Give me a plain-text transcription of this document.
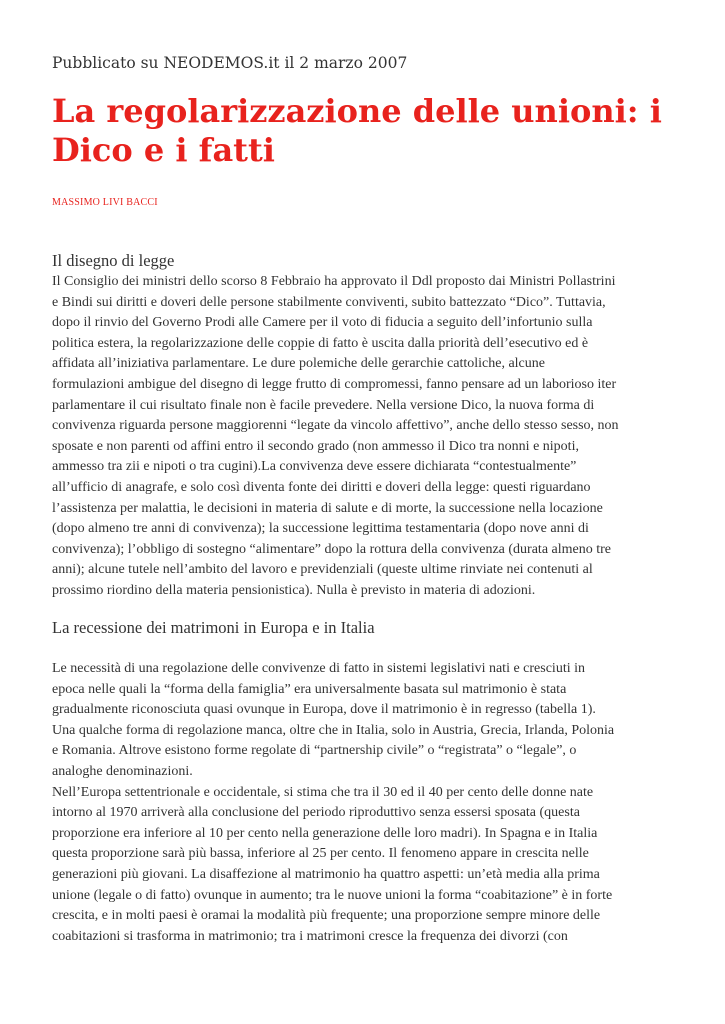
Pubblicato su NEODEMOS.it il 2 marzo 2007
La regolarizzazione delle unioni: i
Dico e i fatti
MASSIMO LIVI BACCI
Il disegno di legge
Il Consiglio dei ministri dello scorso 8 Febbraio ha approvato il Ddl proposto dai Ministri Pollastrini
e Bindi sui diritti e doveri delle persone stabilmente conviventi, subito battezzato “Dico”. Tuttavia,
dopo il rinvio del Governo Prodi alle Camere per il voto di fiducia a seguito dell’infortunio sulla
politica estera, la regolarizzazione delle coppie di fatto è uscita dalla priorità dell’esecutivo ed è
affidata all’iniziativa parlamentare. Le dure polemiche delle gerarchie cattoliche, alcune
formulazioni ambigue del disegno di legge frutto di compromessi, fanno pensare ad un laborioso iter
parlamentare il cui risultato finale non è facile prevedere. Nella versione Dico, la nuova forma di
convivenza riguarda persone maggiorenni “legate da vincolo affettivo”, anche dello stesso sesso, non
sposate e non parenti od affini entro il secondo grado (non ammesso il Dico tra nonni e nipoti,
ammesso tra zii e nipoti o tra cugini).La convivenza deve essere dichiarata “contestualmente”
all’ufficio di anagrafe, e solo così diventa fonte dei diritti e doveri della legge: questi riguardano
l’assistenza per malattia, le decisioni in materia di salute e di morte, la successione nella locazione
(dopo almeno tre anni di convivenza); la successione legittima testamentaria (dopo nove anni di
convivenza); l’obbligo di sostegno “alimentare” dopo la rottura della convivenza (durata almeno tre
anni); alcune tutele nell’ambito del lavoro e previdenziali (queste ultime rinviate nei contenuti al
prossimo riordino della materia pensionistica). Nulla è previsto in materia di adozioni.
La recessione dei matrimoni in Europa e in Italia
Le necessità di una regolazione delle convivenze di fatto in sistemi legislativi nati e cresciuti in
epoca nelle quali la “forma della famiglia” era universalmente basata sul matrimonio è stata
gradualmente riconosciuta quasi ovunque in Europa, dove il matrimonio è in regresso (tabella 1).
Una qualche forma di regolazione manca, oltre che in Italia, solo in Austria, Grecia, Irlanda, Polonia
e Romania. Altrove esistono forme regolate di “partnership civile” o “registrata” o “legale”, o
analoghe denominazioni.
Nell’Europa settentrionale e occidentale, si stima che tra il 30 ed il 40 per cento delle donne nate
intorno al 1970 arriverà alla conclusione del periodo riproduttivo senza essersi sposata (questa
proporzione era inferiore al 10 per cento nella generazione delle loro madri). In Spagna e in Italia
questa proporzione sarà più bassa, inferiore al 25 per cento. Il fenomeno appare in crescita nelle
generazioni più giovani. La disaffezione al matrimonio ha quattro aspetti: un’età media alla prima
unione (legale o di fatto) ovunque in aumento; tra le nuove unioni la forma “coabitazione” è in forte
crescita, e in molti paesi è oramai la modalità più frequente; una proporzione sempre minore delle
coabitazioni si trasforma in matrimonio; tra i matrimoni cresce la frequenza dei divorzi (con
